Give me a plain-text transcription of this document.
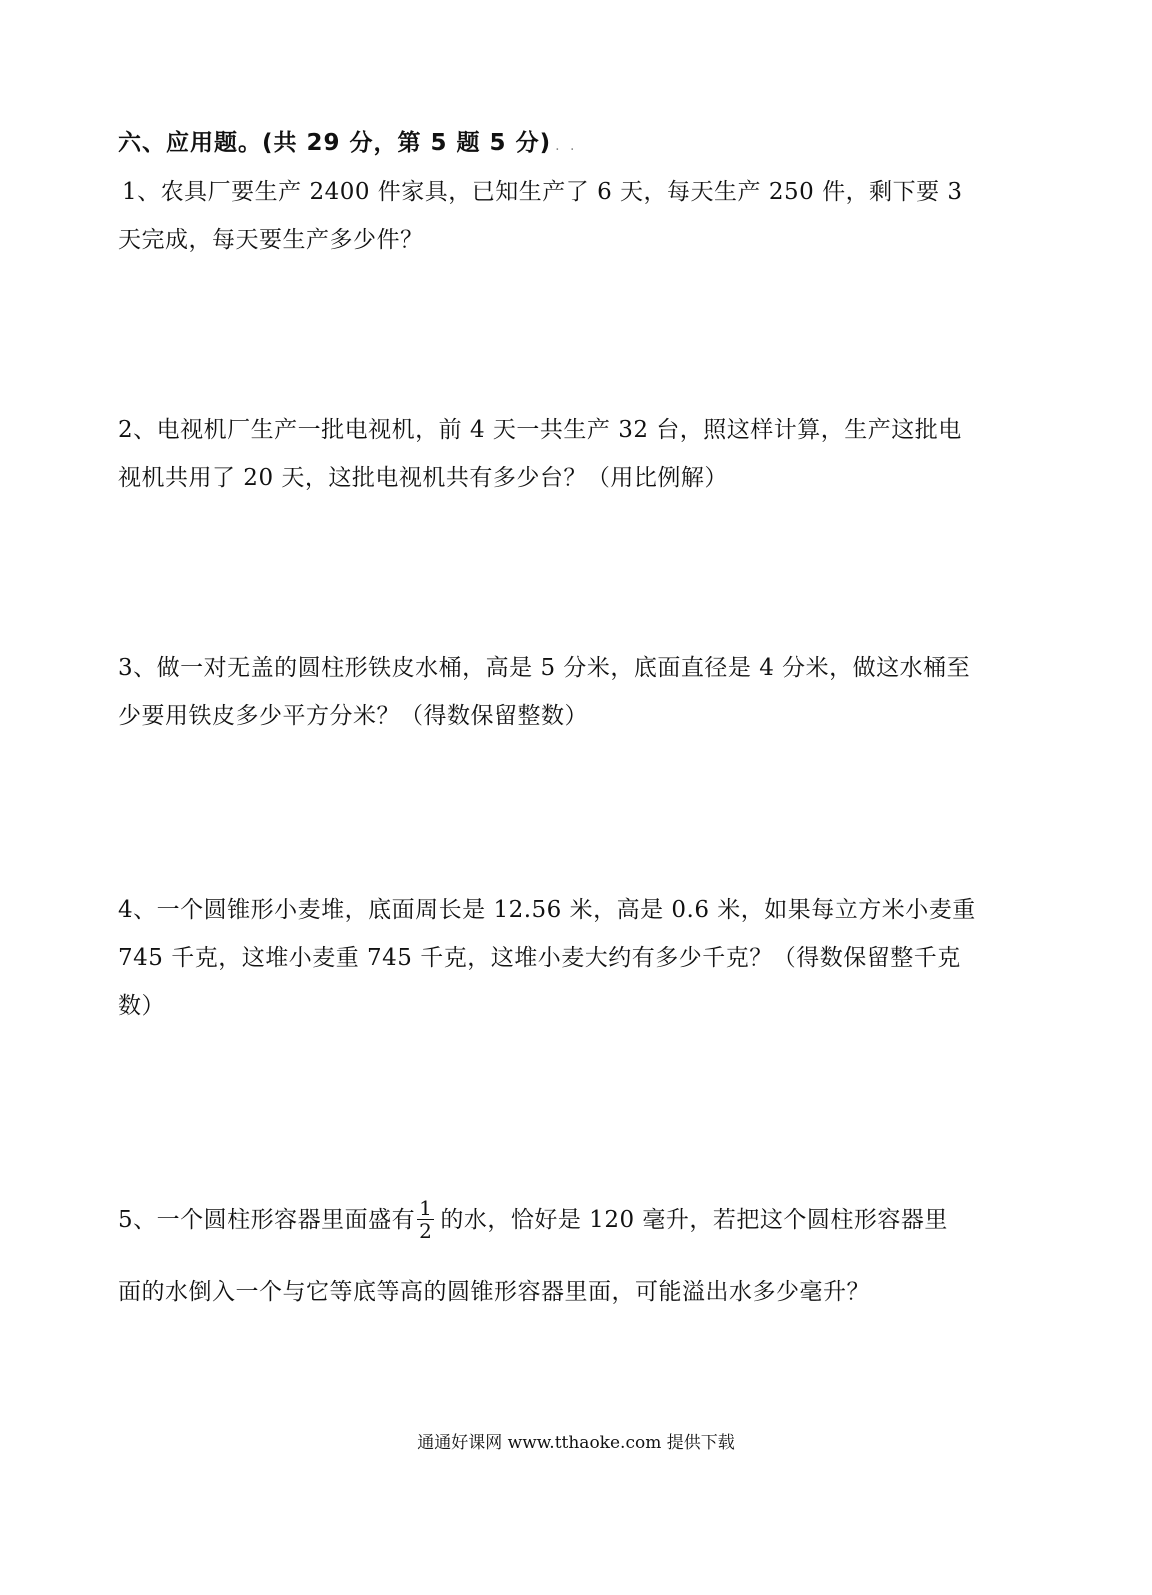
六、应用题。(共 29 分，第 5 题 5 分) . .
1、农具厂要生产 2400 件家具，已知生产了 6 天，每天生产 250 件，剩下要 3 天完成，每天要生产多少件？
2、电视机厂生产一批电视机，前 4 天一共生产 32 台，照这样计算，生产这批电视机共用了 20 天，这批电视机共有多少台？（用比例解）
3、做一对无盖的圆柱形铁皮水桶，高是 5 分米，底面直径是 4 分米，做这水桶至少要用铁皮多少平方分米？（得数保留整数）
4、一个圆锥形小麦堆，底面周长是 12.56 米，高是 0.6 米，如果每立方米小麦重 745 千克，这堆小麦重 745 千克，这堆小麦大约有多少千克？（得数保留整千克数）
5、一个圆柱形容器里面盛有 $\frac{1}{2}$ 的水，恰好是 120 毫升，若把这个圆柱形容器里
面的水倒入一个与它等底等高的圆锥形容器里面，可能溢出水多少毫升？
通通好课网 www.tthaoke.com 提供下载
